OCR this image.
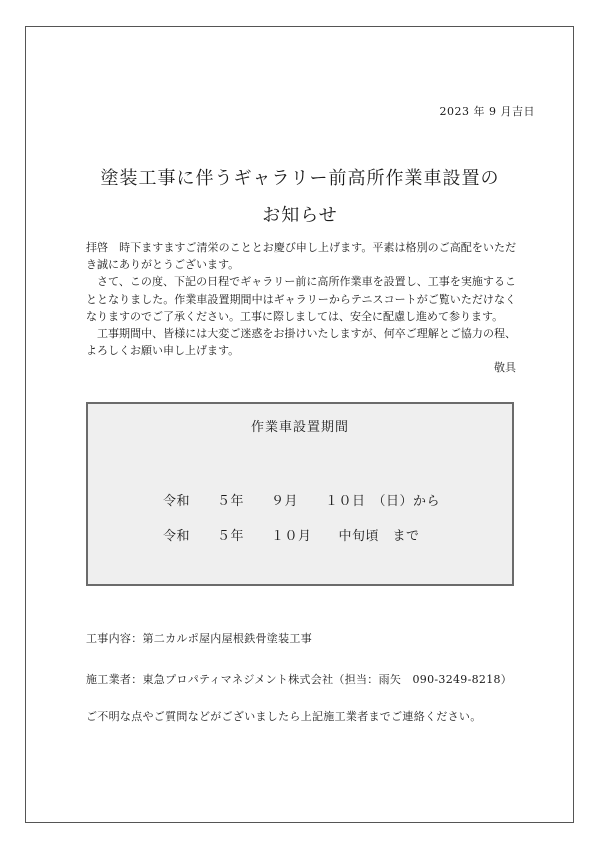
2023 年 9 月吉日
塗装工事に伴うギャラリー前高所作業車設置の
お知らせ

拝啓　時下ますますご清栄のこととお慶び申し上げます。平素は格別のご高配をいただき誠にありがとうございます。

さて、この度、下記の日程でギャラリー前に高所作業車を設置し、工事を実施することとなりました。作業車設置期間中はギャラリーからテニスコートがご覧いただけなくなりますのでご了承ください。工事に際しましては、安全に配慮し進めて参ります。

工事期間中、皆様には大変ご迷惑をお掛けいたしますが、何卒ご理解とご協力の程、よろしくお願い申し上げます。

敬具

作業車設置期間
令和　　５年　　９月　　１０日　（日）から
令和　　５年　　１０月　　中旬頃　まで
工事内容：第二カルポ屋内屋根鉄骨塗装工事
施工業者：東急プロパティマネジメント株式会社（担当：雨矢　090-3249-8218）
ご不明な点やご質問などがございましたら上記施工業者までご連絡ください。
